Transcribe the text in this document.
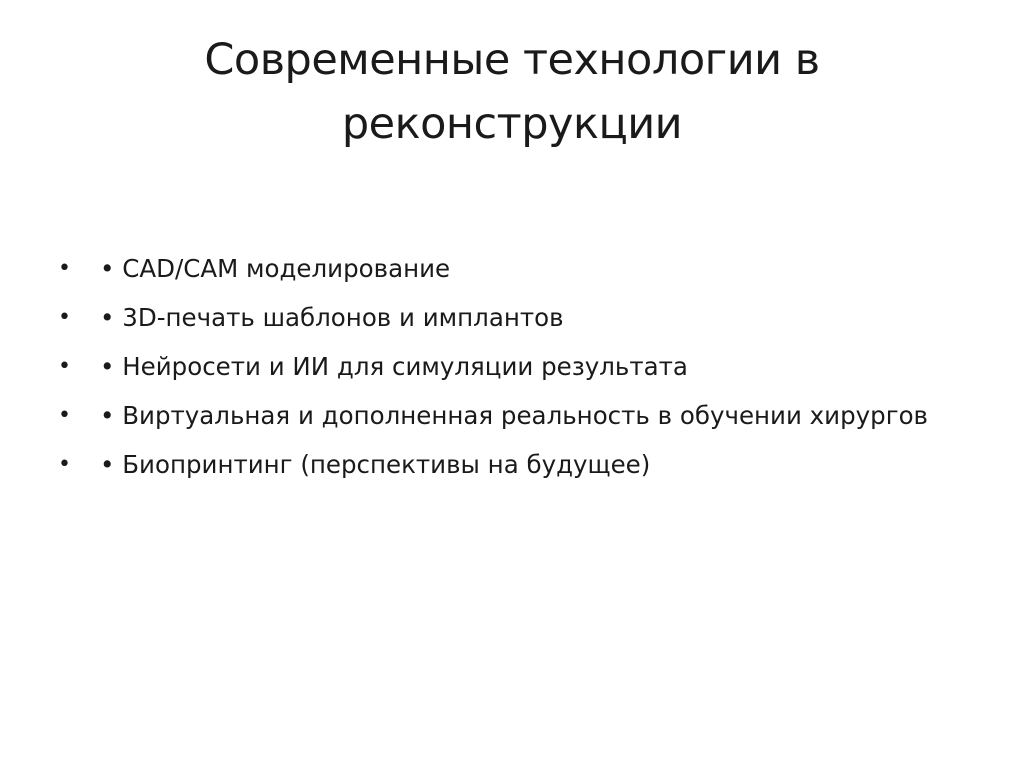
Современные технологии в реконструкции
•	• CAD/CAM моделирование
•	• 3D-печать шаблонов и имплантов
•	• Нейросети и ИИ для симуляции результата
•	• Виртуальная и дополненная реальность в обучении хирургов
•	• Биопринтинг (перспективы на будущее)
